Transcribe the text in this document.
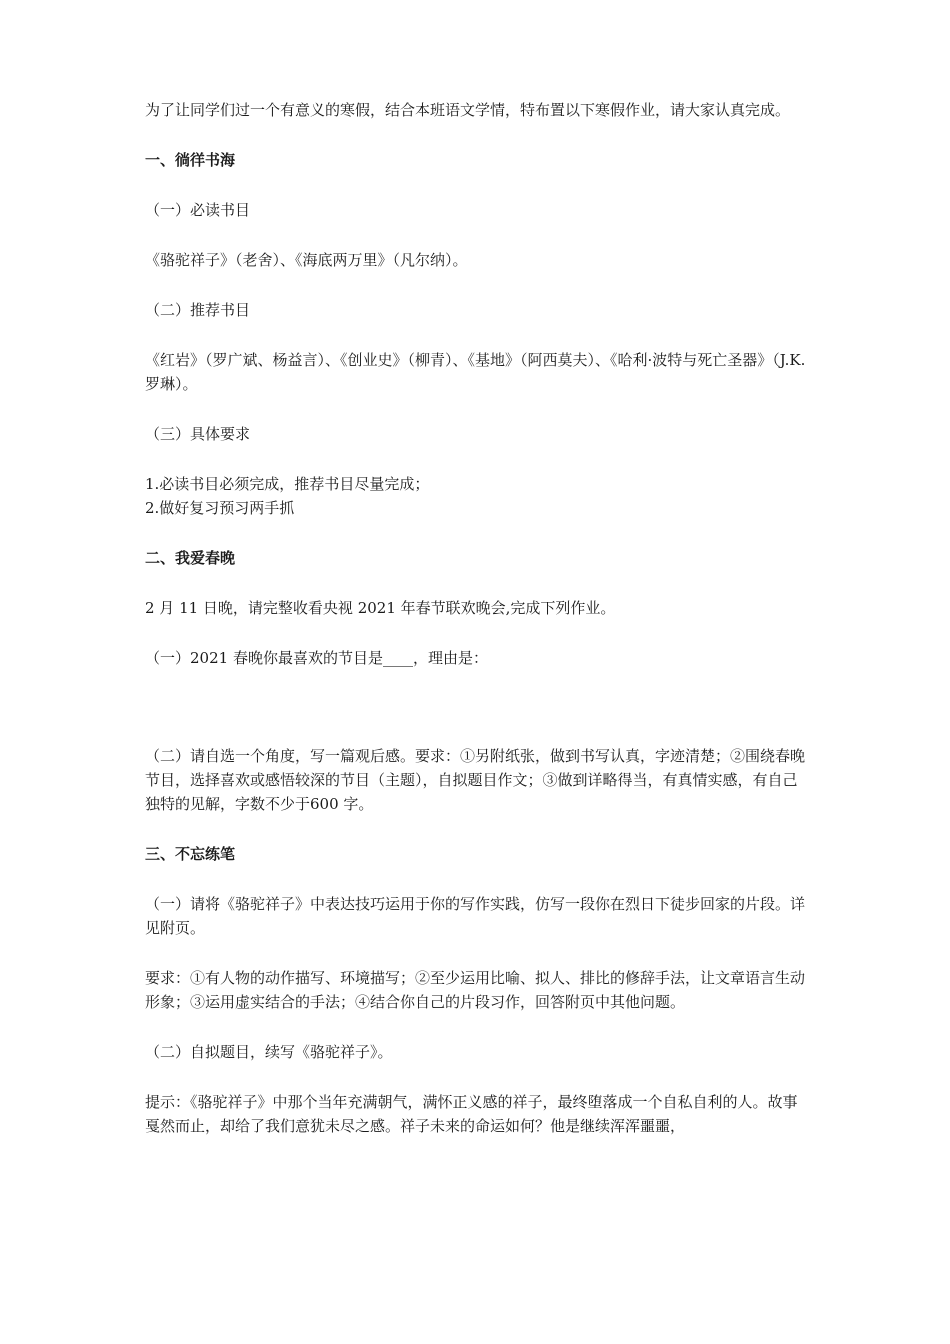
为了让同学们过一个有意义的寒假，结合本班语文学情，特布置以下寒假作业，请大家认真完成。

一、徜徉书海

（一）必读书目

《骆驼祥子》（老舍）、《海底两万里》（凡尔纳）。

（二）推荐书目

《红岩》（罗广斌、杨益言）、《创业史》（柳青）、《基地》（阿西莫夫）、《哈利·波特与死亡圣器》（J.K.罗琳）。

（三）具体要求

1.必读书目必须完成，推荐书目尽量完成；

2.做好复习预习两手抓

二、我爱春晚

2 月 11 日晚，请完整收看央视 2021 年春节联欢晚会,完成下列作业。

（一）2021 春晚你最喜欢的节目是____，理由是：

（二）请自选一个角度，写一篇观后感。要求：①另附纸张，做到书写认真，字迹清楚；②围绕春晚节目，选择喜欢或感悟较深的节目（主题），自拟题目作文；③做到详略得当，有真情实感，有自己独特的见解，字数不少于600 字。

三、不忘练笔

（一）请将《骆驼祥子》中表达技巧运用于你的写作实践，仿写一段你在烈日下徒步回家的片段。详见附页。

要求：①有人物的动作描写、环境描写；②至少运用比喻、拟人、排比的修辞手法，让文章语言生动形象；③运用虚实结合的手法；④结合你自己的片段习作，回答附页中其他问题。

（二）自拟题目，续写《骆驼祥子》。

提示：《骆驼祥子》中那个当年充满朝气，满怀正义感的祥子，最终堕落成一个自私自利的人。故事戛然而止，却给了我们意犹未尽之感。祥子未来的命运如何？他是继续浑浑噩噩，
